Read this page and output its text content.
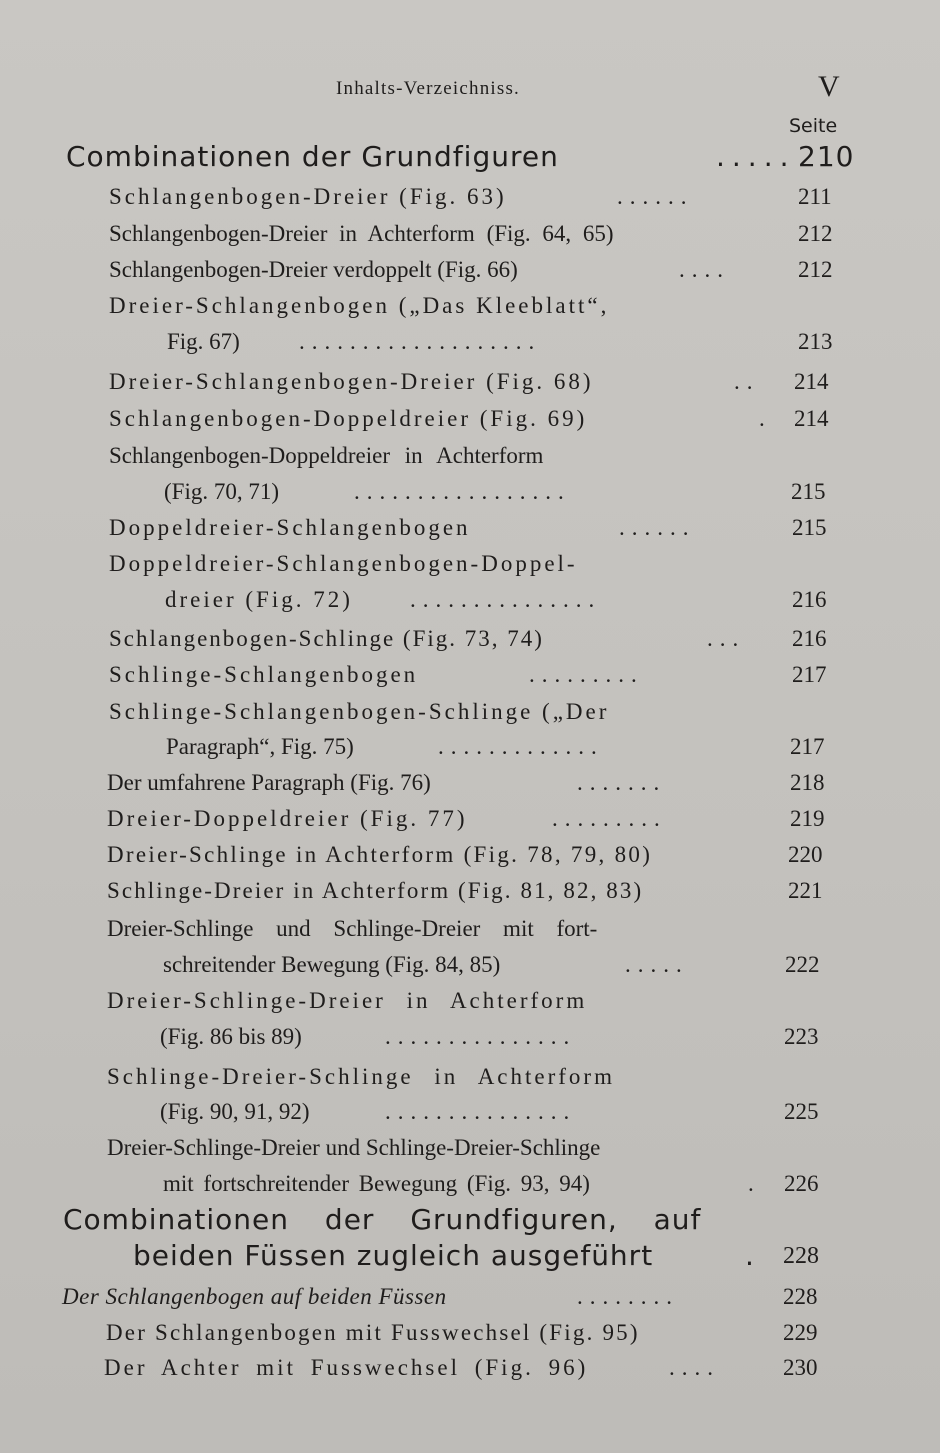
Inhalts-Verzeichniss.	V
Seite
Combinationen der Grundfiguren	..... 210
Schlangenbogen-Dreier (Fig. 63)	......	211
Schlangenbogen-Dreier in Achterform (Fig. 64, 65)	212
Schlangenbogen-Dreier verdoppelt (Fig. 66)	....	212
Dreier-Schlangenbogen („Das Kleeblatt“,
Fig. 67)	...................	213
Dreier-Schlangenbogen-Dreier (Fig. 68)	..	214
Schlangenbogen-Doppeldreier (Fig. 69)	. 214
Schlangenbogen-Doppeldreier in Achterform
(Fig. 70, 71)	.................	215
Doppeldreier-Schlangenbogen	......	215
Doppeldreier-Schlangenbogen-Doppel-
dreier (Fig. 72) ...............	216
Schlangenbogen-Schlinge (Fig. 73, 74)	...	216
Schlinge-Schlangenbogen	.........	217
Schlinge-Schlangenbogen-Schlinge („Der
Paragraph“, Fig. 75)	.............	217
Der umfahrene Paragraph (Fig. 76)	.......	218
Dreier-Doppeldreier (Fig. 77)	.........	219
Dreier-Schlinge in Achterform (Fig. 78, 79, 80)	220
Schlinge-Dreier in Achterform (Fig. 81, 82, 83)	221
Dreier-Schlinge und Schlinge-Dreier mit fort-
schreitender Bewegung (Fig. 84, 85)	.....	222
Dreier-Schlinge-Dreier in Achterform
(Fig. 86 bis 89)	...............	223
Schlinge-Dreier-Schlinge in Achterform
(Fig. 90, 91, 92)	...............	225
Dreier-Schlinge-Dreier und Schlinge-Dreier-Schlinge
mit fortschreitender Bewegung (Fig. 93, 94)	.	226
Combinationen der Grundfiguren, auf
beiden Füssen zugleich ausgeführt	. 228
Der Schlangenbogen auf beiden Füssen	........	228
Der Schlangenbogen mit Fusswechsel (Fig. 95)	229
Der Achter mit Fusswechsel (Fig. 96)	....	230
